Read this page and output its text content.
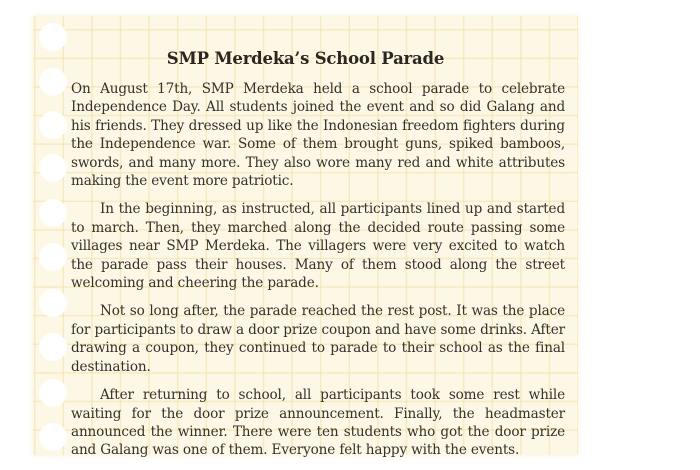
SMP Merdeka’s School Parade

On August 17th, SMP Merdeka held a school parade to celebrate Independence Day. All students joined the event and so did Galang and his friends. They dressed up like the Indonesian freedom fighters during the Independence war. Some of them brought guns, spiked bamboos, swords, and many more. They also wore many red and white attributes making the event more patriotic.

In the beginning, as instructed, all participants lined up and started to march. Then, they marched along the decided route passing some villages near SMP Merdeka. The villagers were very excited to watch the parade pass their houses. Many of them stood along the street welcoming and cheering the parade.

Not so long after, the parade reached the rest post. It was the place for participants to draw a door prize coupon and have some drinks. After drawing a coupon, they continued to parade to their school as the final destination.

After returning to school, all participants took some rest while waiting for the door prize announcement. Finally, the headmaster announced the winner. There were ten students who got the door prize and Galang was one of them. Everyone felt happy with the events.
